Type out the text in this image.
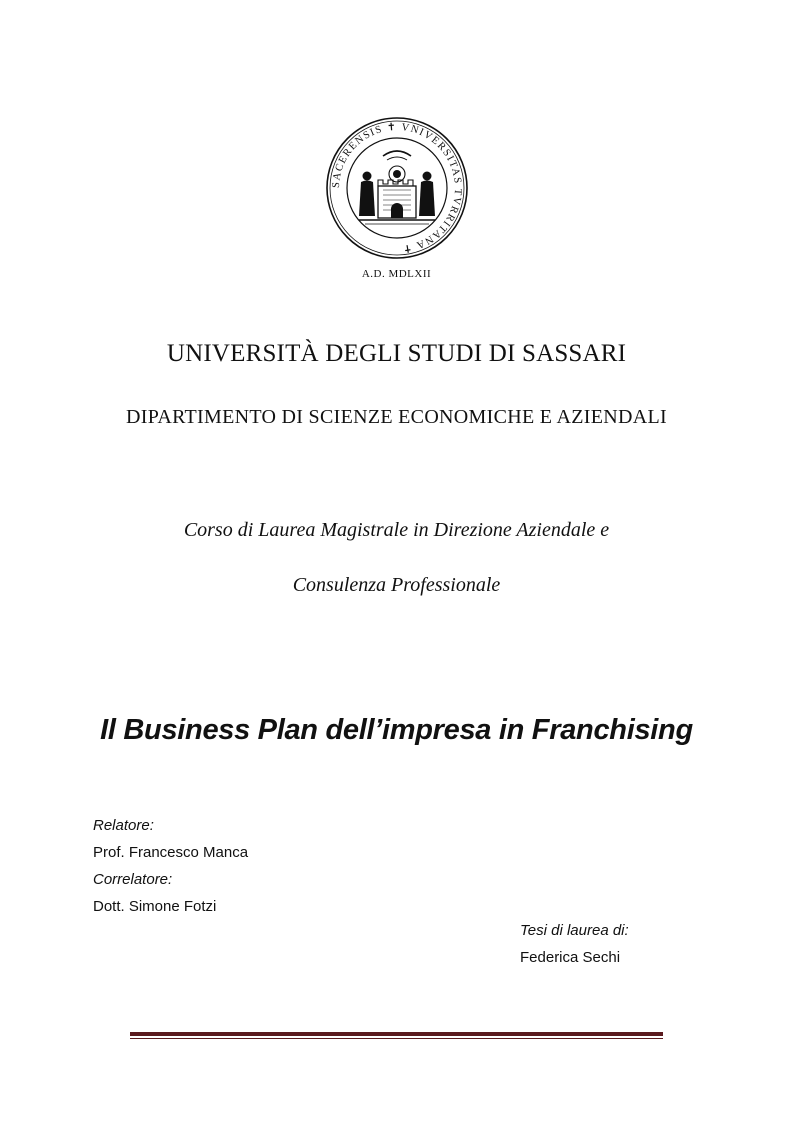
SACERENSIS ✝ VNIVERSITAS TVRRITANA ✝
A.D. MDLXII
UNIVERSITÀ DEGLI STUDI DI SASSARI
DIPARTIMENTO DI SCIENZE ECONOMICHE E AZIENDALI
Corso di Laurea Magistrale in Direzione Aziendale e
Consulenza Professionale
Il Business Plan dell’impresa in Franchising
Relatore:
Prof. Francesco Manca
Correlatore:
Dott. Simone Fotzi
Tesi di laurea di:
Federica Sechi
